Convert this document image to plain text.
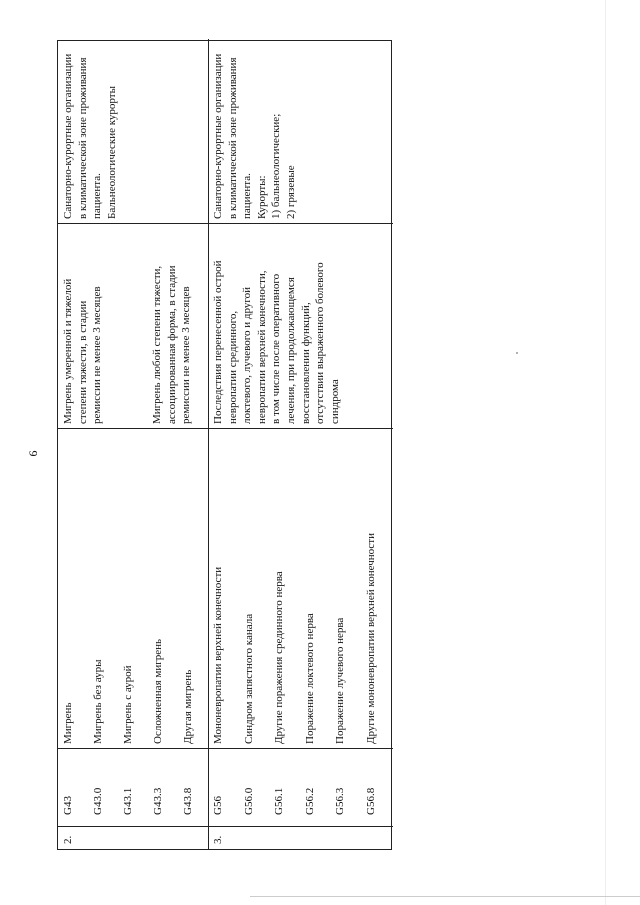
9
2.
G43 G43.0 G43.1 G43.3 G43.8
Мигрень Мигрень без ауры Мигрень с аурой Осложненная мигрень Другая мигрень
Мигрень умеренной и тяжелой степени тяжести, в стадии ремиссии не менее 3 месяцев	Мигрень любой степени тяжести, ассоциированная форма, в стадии ремиссии не менее 3 месяцев
Санаторно-курортные организации в климатической зоне проживания пациента. Бальнеологические курорты
3.
G56 G56.0 G56.1 G56.2 G56.3 G56.8
Мононевропатии верхней конечности Синдром запястного канала Другие поражения срединного нерва Поражение локтевого нерва Поражение лучевого нерва Другие мононевропатии верхней конечности
Последствия перенесенной острой невропатии срединного, локтевого, лучевого и другой невропатии верхней конечности, в том числе после оперативного лечения, при продолжающемся восстановлении функций, отсутствии выраженного болевого синдрома
Санаторно-курортные организации в климатической зоне проживания пациента. Курорты: 1) бальнеологические; 2) грязевые
